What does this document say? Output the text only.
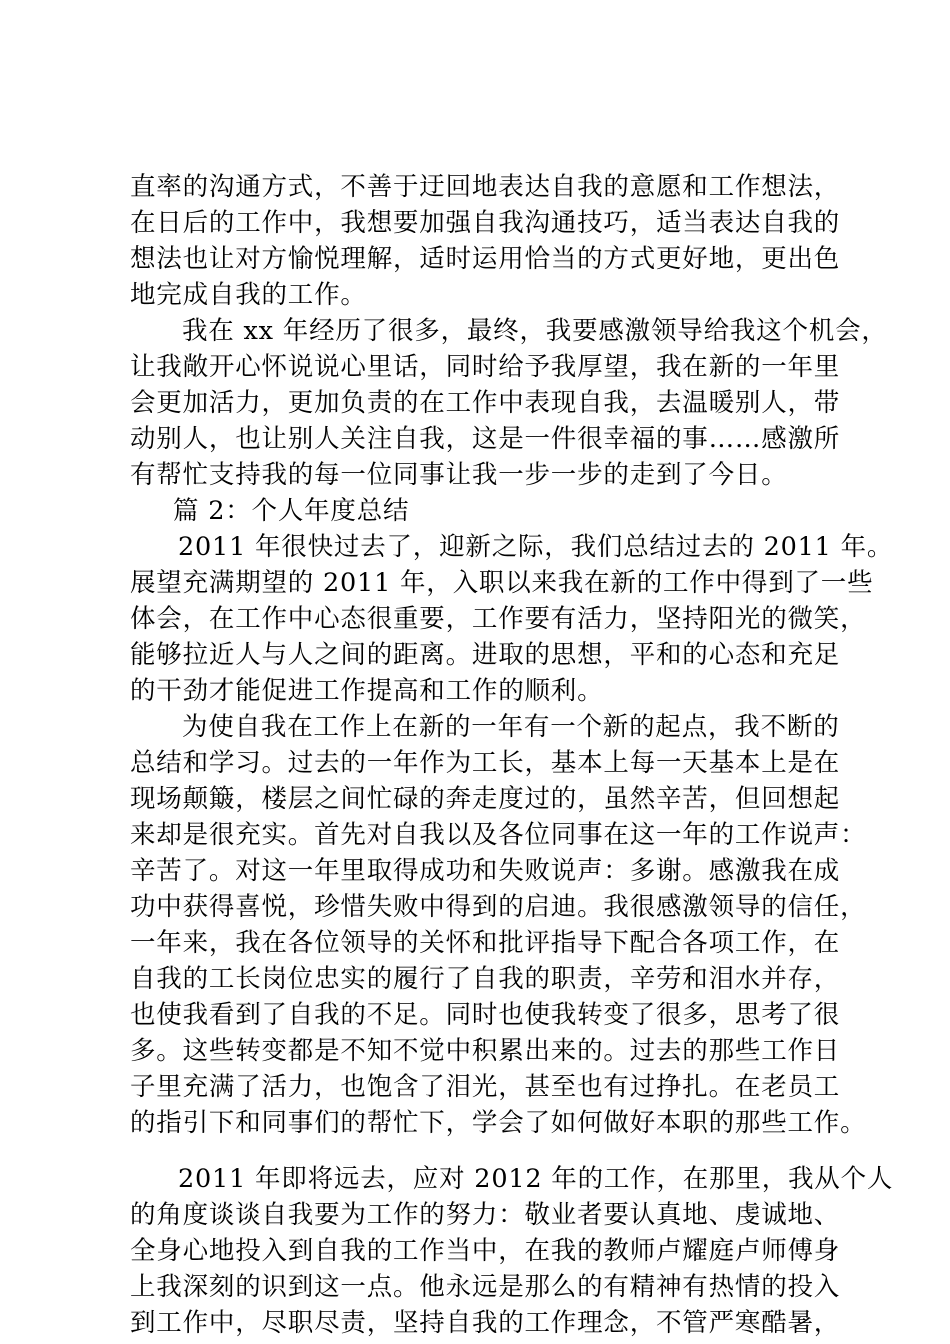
直率的沟通方式，不善于迂回地表达自我的意愿和工作想法，
在日后的工作中，我想要加强自我沟通技巧，适当表达自我的
想法也让对方愉悦理解，适时运用恰当的方式更好地，更出色
地完成自我的工作。
我在 xx 年经历了很多，最终，我要感激领导给我这个机会，
让我敞开心怀说说心里话，同时给予我厚望，我在新的一年里
会更加活力，更加负责的在工作中表现自我，去温暖别人，带
动别人，也让别人关注自我，这是一件很幸福的事……感激所
有帮忙支持我的每一位同事让我一步一步的走到了今日。
篇 2：个人年度总结
2011 年很快过去了，迎新之际，我们总结过去的 2011 年。
展望充满期望的 2011 年，入职以来我在新的工作中得到了一些
体会，在工作中心态很重要，工作要有活力，坚持阳光的微笑，
能够拉近人与人之间的距离。进取的思想，平和的心态和充足
的干劲才能促进工作提高和工作的顺利。
为使自我在工作上在新的一年有一个新的起点，我不断的
总结和学习。过去的一年作为工长，基本上每一天基本上是在
现场颠簸，楼层之间忙碌的奔走度过的，虽然辛苦，但回想起
来却是很充实。首先对自我以及各位同事在这一年的工作说声：
辛苦了。对这一年里取得成功和失败说声：多谢。感激我在成
功中获得喜悦，珍惜失败中得到的启迪。我很感激领导的信任，
一年来，我在各位领导的关怀和批评指导下配合各项工作，在
自我的工长岗位忠实的履行了自我的职责，辛劳和泪水并存，
也使我看到了自我的不足。同时也使我转变了很多，思考了很
多。这些转变都是不知不觉中积累出来的。过去的那些工作日
子里充满了活力，也饱含了泪光，甚至也有过挣扎。在老员工
的指引下和同事们的帮忙下，学会了如何做好本职的那些工作。
2011 年即将远去，应对 2012 年的工作，在那里，我从个人
的角度谈谈自我要为工作的努力：敬业者要认真地、虔诚地、
全身心地投入到自我的工作当中，在我的教师卢耀庭卢师傅身
上我深刻的识到这一点。他永远是那么的有精神有热情的投入
到工作中，尽职尽责，坚持自我的工作理念，不管严寒酷暑，
